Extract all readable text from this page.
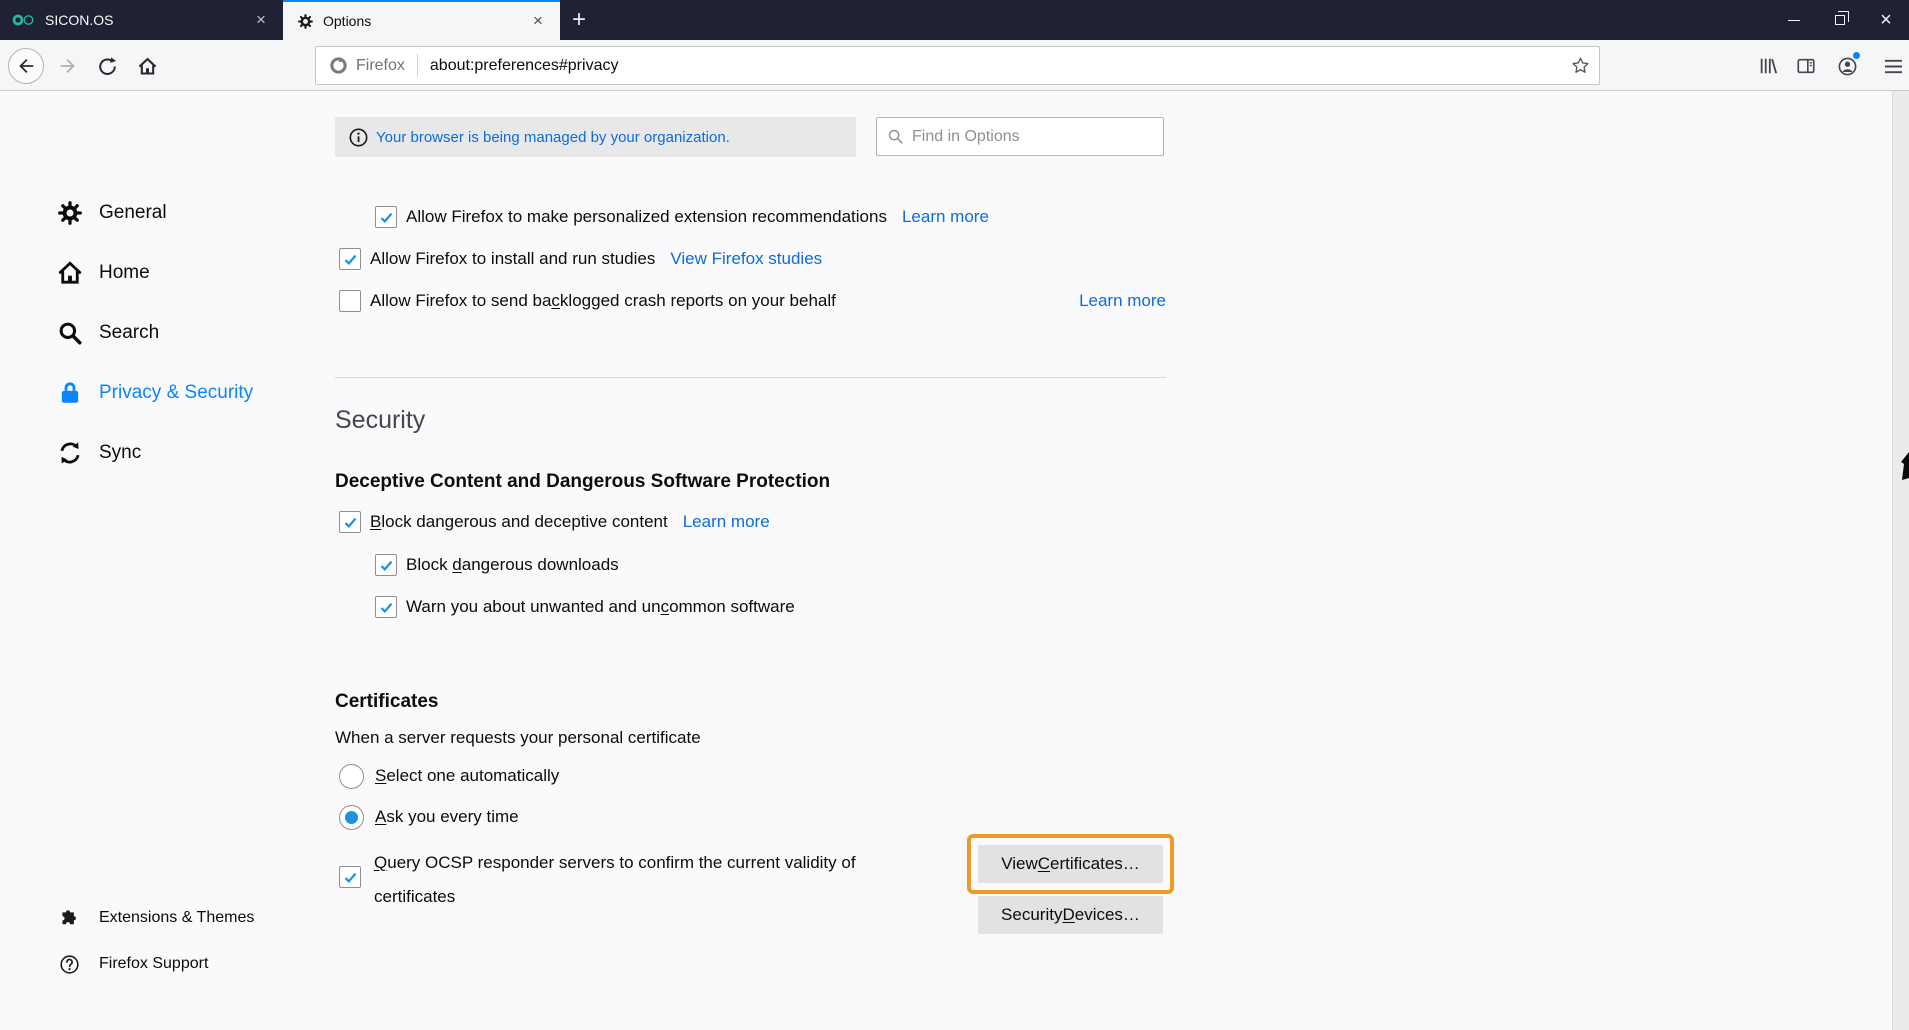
SICON.OS	×	Options	×	+	×
Firefox about:preferences#privacy
General
Home
Search
Privacy & Security
Sync
Extensions & Themes
Firefox Support
Your browser is being managed by your organization.
Find in Options
Allow Firefox to make personalized extension recommendations Learn more
Allow Firefox to install and run studies View Firefox studies
Allow Firefox to send backlogged crash reports on your behalf	Learn more
Security
Deceptive Content and Dangerous Software Protection
Block dangerous and deceptive content Learn more
Block dangerous downloads
Warn you about unwanted and uncommon software
Certificates
When a server requests your personal certificate
Select one automatically
Ask you every time
Query OCSP responder servers to confirm the current validity of certificates
View C ertificates…
Security D evices…
